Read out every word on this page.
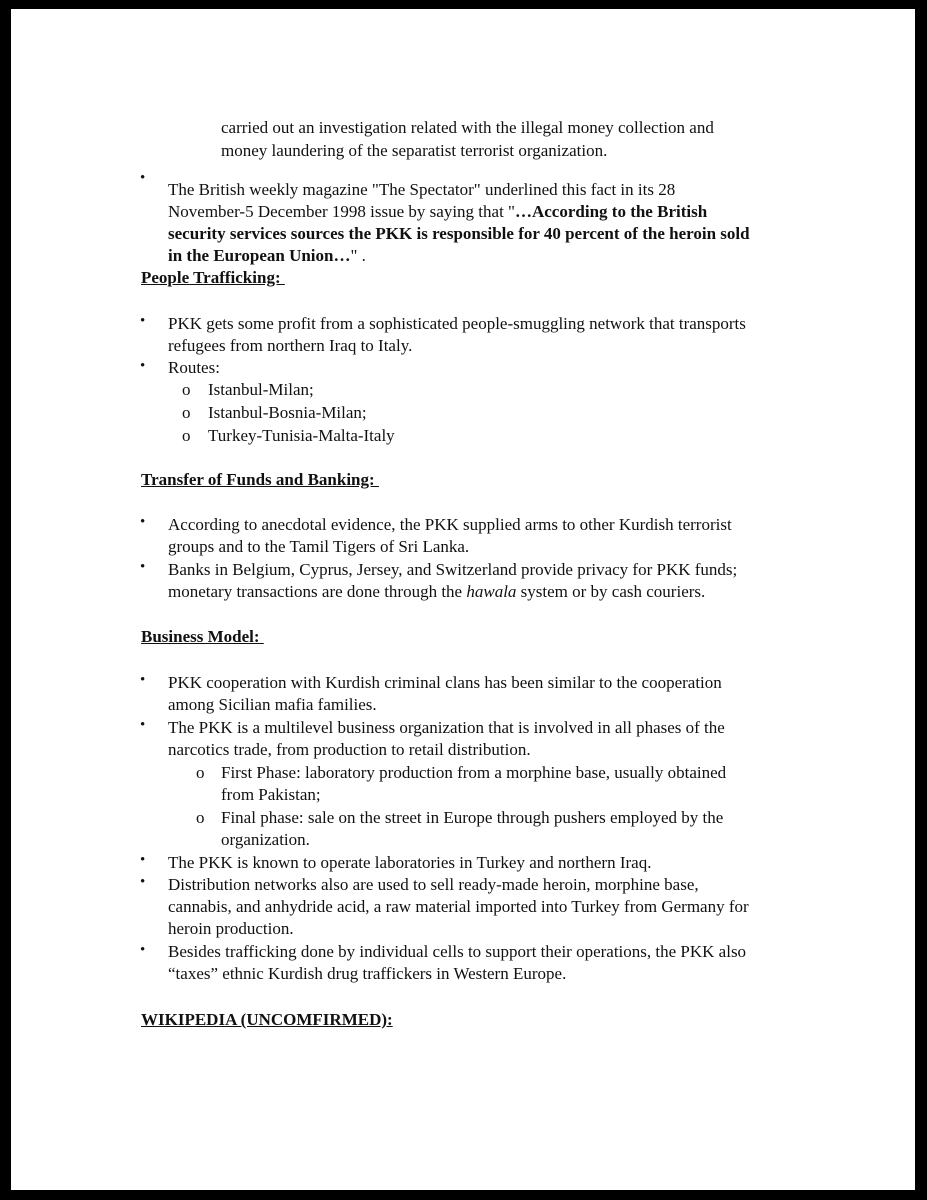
carried out an investigation related with the illegal money collection and
money laundering of the separatist terrorist organization.
•
The British weekly magazine "The Spectator" underlined this fact in its 28
November-5 December 1998 issue by saying that "…According to the British
security services sources the PKK is responsible for 40 percent of the heroin sold
in the European Union…" .
People Trafficking:
• PKK gets some profit from a sophisticated people-smuggling network that transports
refugees from northern Iraq to Italy.
• Routes:
o Istanbul-Milan;
o Istanbul-Bosnia-Milan;
o Turkey-Tunisia-Malta-Italy
Transfer of Funds and Banking:
• According to anecdotal evidence, the PKK supplied arms to other Kurdish terrorist
groups and to the Tamil Tigers of Sri Lanka.
• Banks in Belgium, Cyprus, Jersey, and Switzerland provide privacy for PKK funds;
monetary transactions are done through the hawala system or by cash couriers.
Business Model:
• PKK cooperation with Kurdish criminal clans has been similar to the cooperation
among Sicilian mafia families.
• The PKK is a multilevel business organization that is involved in all phases of the
narcotics trade, from production to retail distribution.
o First Phase: laboratory production from a morphine base, usually obtained
from Pakistan;
o Final phase: sale on the street in Europe through pushers employed by the
organization.
• The PKK is known to operate laboratories in Turkey and northern Iraq.
• Distribution networks also are used to sell ready-made heroin, morphine base,
cannabis, and anhydride acid, a raw material imported into Turkey from Germany for
heroin production.
• Besides trafficking done by individual cells to support their operations, the PKK also
“taxes” ethnic Kurdish drug traffickers in Western Europe.
WIKIPEDIA (UNCOMFIRMED):
